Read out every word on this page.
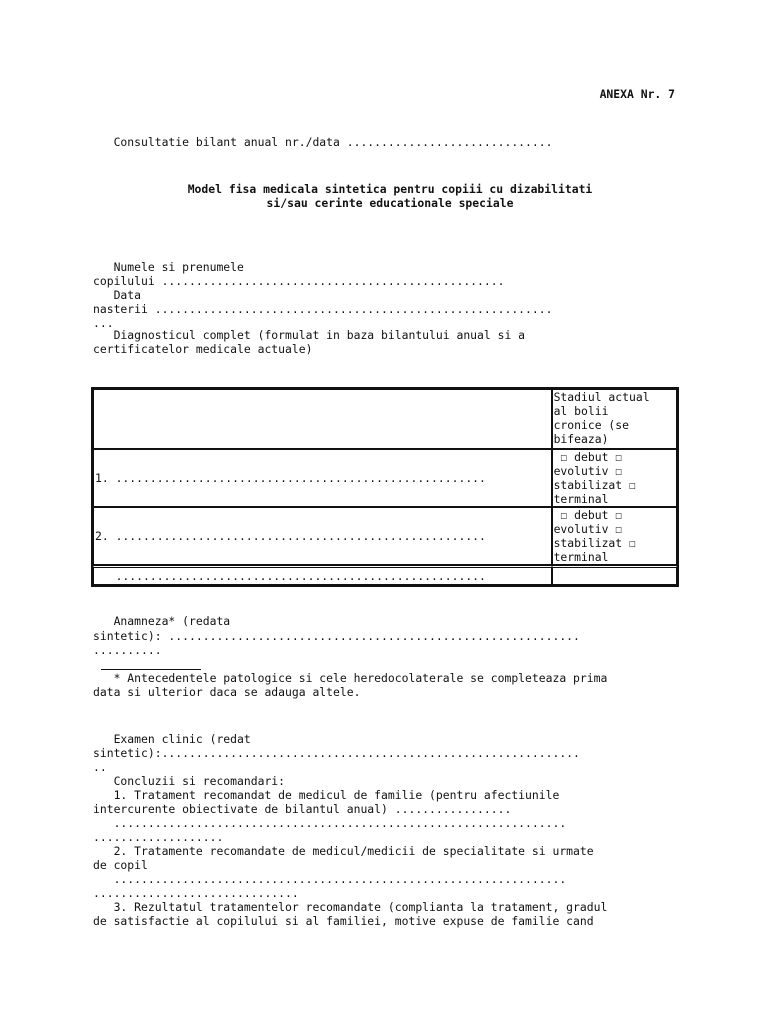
ANEXA Nr. 7
Consultatie bilant anual nr./data ..............................
Model fisa medicala sintetica pentru copiii cu dizabilitati
si/sau cerinte educationale speciale
Numele si prenumele
copilului ..................................................
Data
nasterii ..........................................................
...
Diagnosticul complet (formulat in baza bilantului anual si a
certificatelor medicale actuale)
	Stadiul actual
al bolii
cronice (se
bifeaza)
1. ......................................................	☐ debut ☐
evolutiv ☐
stabilizat ☐
terminal
2. ......................................................	☐ debut ☐
evolutiv ☐
stabilizat ☐
terminal
......................................................	
Anamneza* (redata
sintetic): ............................................................
..........
* Antecedentele patologice si cele heredocolaterale se completeaza prima
data si ulterior daca se adauga altele.
Examen clinic (redat
sintetic):.............................................................
..
Concluzii si recomandari:
1. Tratament recomandat de medicul de familie (pentru afectiunile
intercurente obiectivate de bilantul anual) .................
..................................................................
...................
2. Tratamente recomandate de medicul/medicii de specialitate si urmate
de copil
..................................................................
..............................
3. Rezultatul tratamentelor recomandate (complianta la tratament, gradul
de satisfactie al copilului si al familiei, motive expuse de familie cand
